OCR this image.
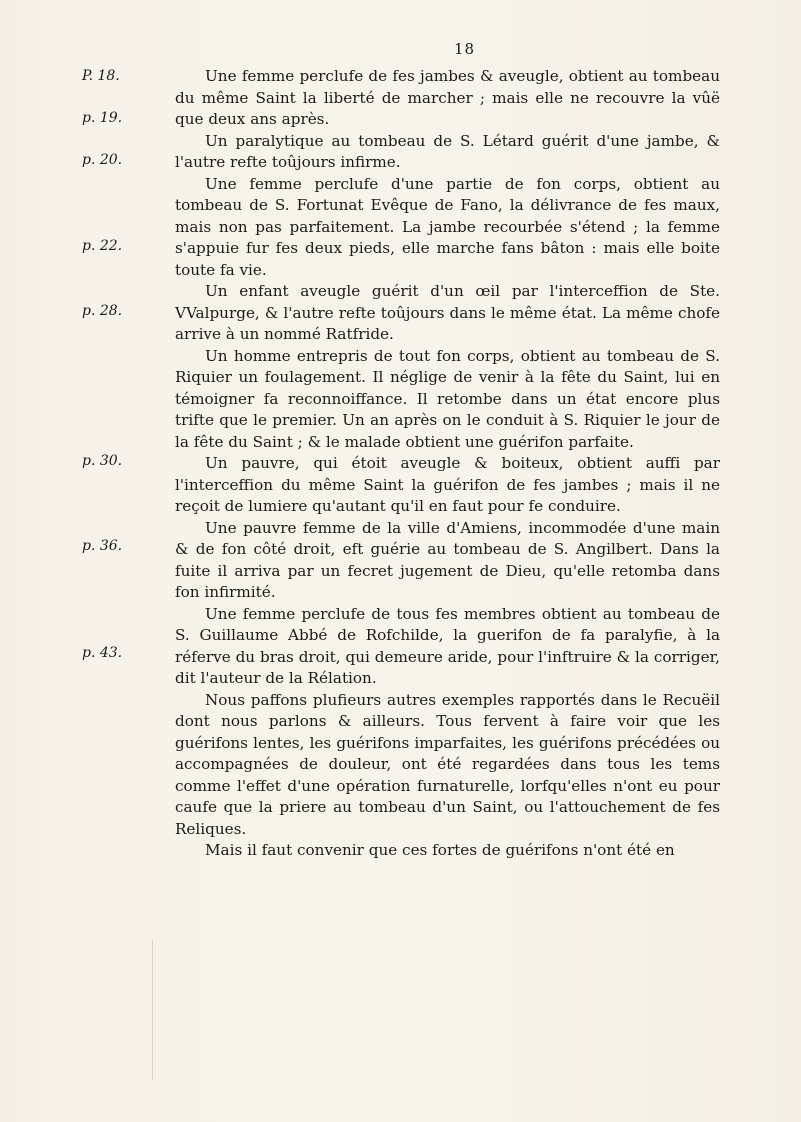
18
P. 18.
p. 19.
p. 20.
p. 22.
p. 28.
p. 30.
p. 36.
p. 43.

Une femme perclufe de fes jambes & aveugle, obtient au tombeau du même Saint la liberté de marcher ; mais elle ne recouvre la vûë que deux ans après.

Un paralytique au tombeau de S. Létard guérit d'une jambe, & l'autre refte toûjours infirme.

Une femme perclufe d'une partie de fon corps, obtient au tombeau de S. Fortunat Evêque de Fano, la délivrance de fes maux, mais non pas parfaitement. La jambe recourbée s'étend ; la femme s'appuie fur fes deux pieds, elle marche fans bâton : mais elle boite toute fa vie.

Un enfant aveugle guérit d'un œil par l'interceffion de Ste. VValpurge, & l'autre refte toûjours dans le même état. La même chofe arrive à un nommé Ratfride.

Un homme entrepris de tout fon corps, obtient au tombeau de S. Riquier un foulagement. Il néglige de venir à la fête du Saint, lui en témoigner fa reconnoiffance. Il retombe dans un état encore plus trifte que le premier. Un an après on le conduit à S. Riquier le jour de la fête du Saint ; & le malade obtient une guérifon parfaite.

Un pauvre, qui étoit aveugle & boiteux, obtient auffi par l'interceffion du même Saint la guérifon de fes jambes ; mais il ne reçoit de lumiere qu'autant qu'il en faut pour fe conduire.

Une pauvre femme de la ville d'Amiens, incommodée d'une main & de fon côté droit, eft guérie au tombeau de S. Angilbert. Dans la fuite il arriva par un fecret jugement de Dieu, qu'elle retomba dans fon infirmité.

Une femme perclufe de tous fes membres obtient au tombeau de S. Guillaume Abbé de Rofchilde, la guerifon de fa paralyfie, à la réferve du bras droit, qui demeure aride, pour l'inftruire & la corriger, dit l'auteur de la Rélation.

Nous paffons plufieurs autres exemples rapportés dans le Recuëil dont nous parlons & ailleurs. Tous fervent à faire voir que les guérifons lentes, les guérifons imparfaites, les guérifons précédées ou accompagnées de douleur, ont été regardées dans tous les tems comme l'effet d'une opération furnaturelle, lorfqu'elles n'ont eu pour caufe que la priere au tombeau d'un Saint, ou l'attouchement de fes Reliques.

Mais il faut convenir que ces fortes de guérifons n'ont été en
